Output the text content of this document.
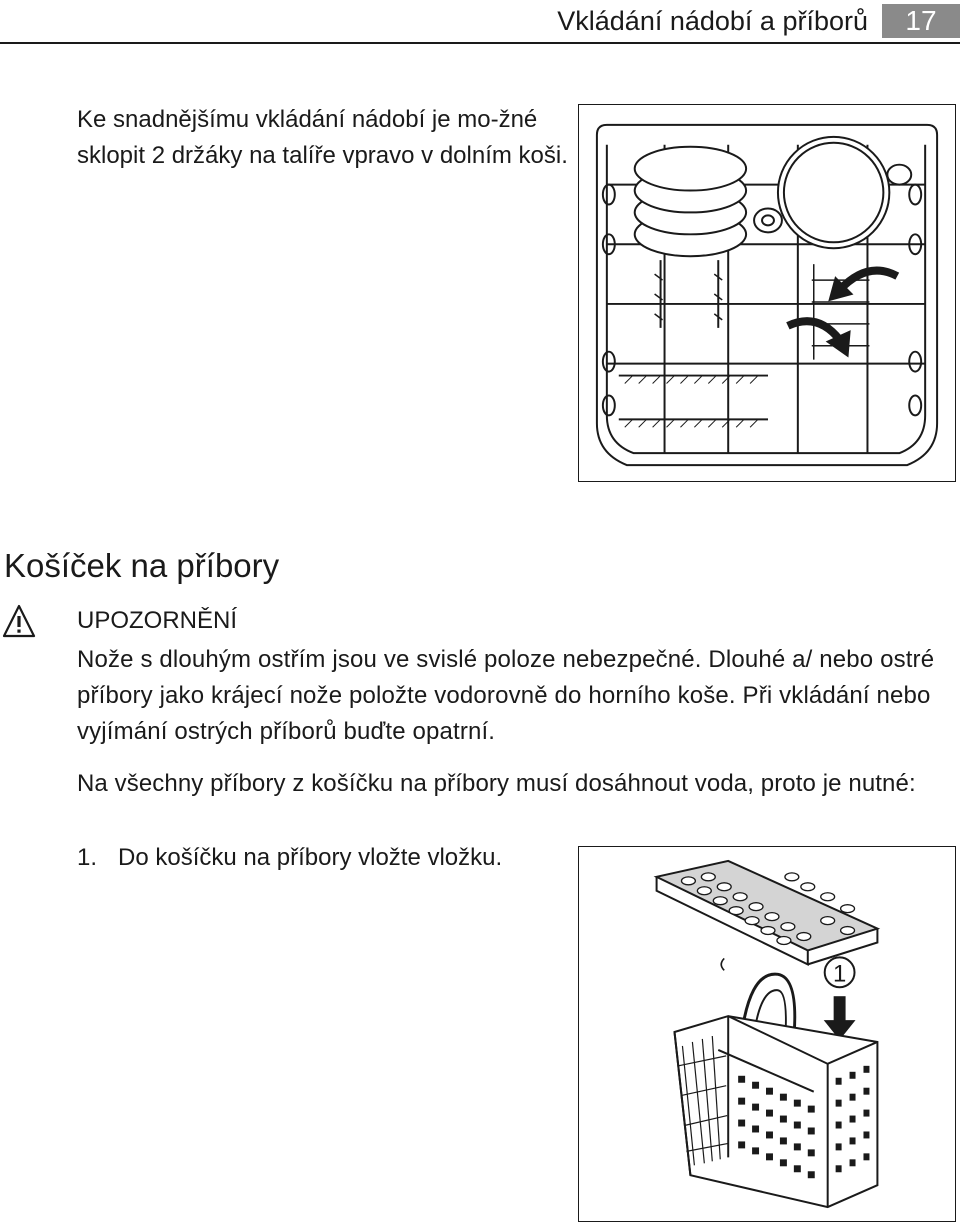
Vkládání nádobí a příborů	17

Ke snadnějšímu vkládání nádobí je mo-žné sklopit 2 držáky na talíře vpravo v dolním koši.

Košíček na příbory

UPOZORNĚNÍ

Nože s dlouhým ostřím jsou ve svislé poloze nebezpečné. Dlouhé a/ nebo ostré příbory jako krájecí nože položte vodorovně do horního koše. Při vkládání nebo vyjímání ostrých příborů buďte opatrní.

Na všechny příbory z košíčku na příbory musí dosáhnout voda, proto je nutné:

1. Do košíčku na příbory vložte vložku.
1
